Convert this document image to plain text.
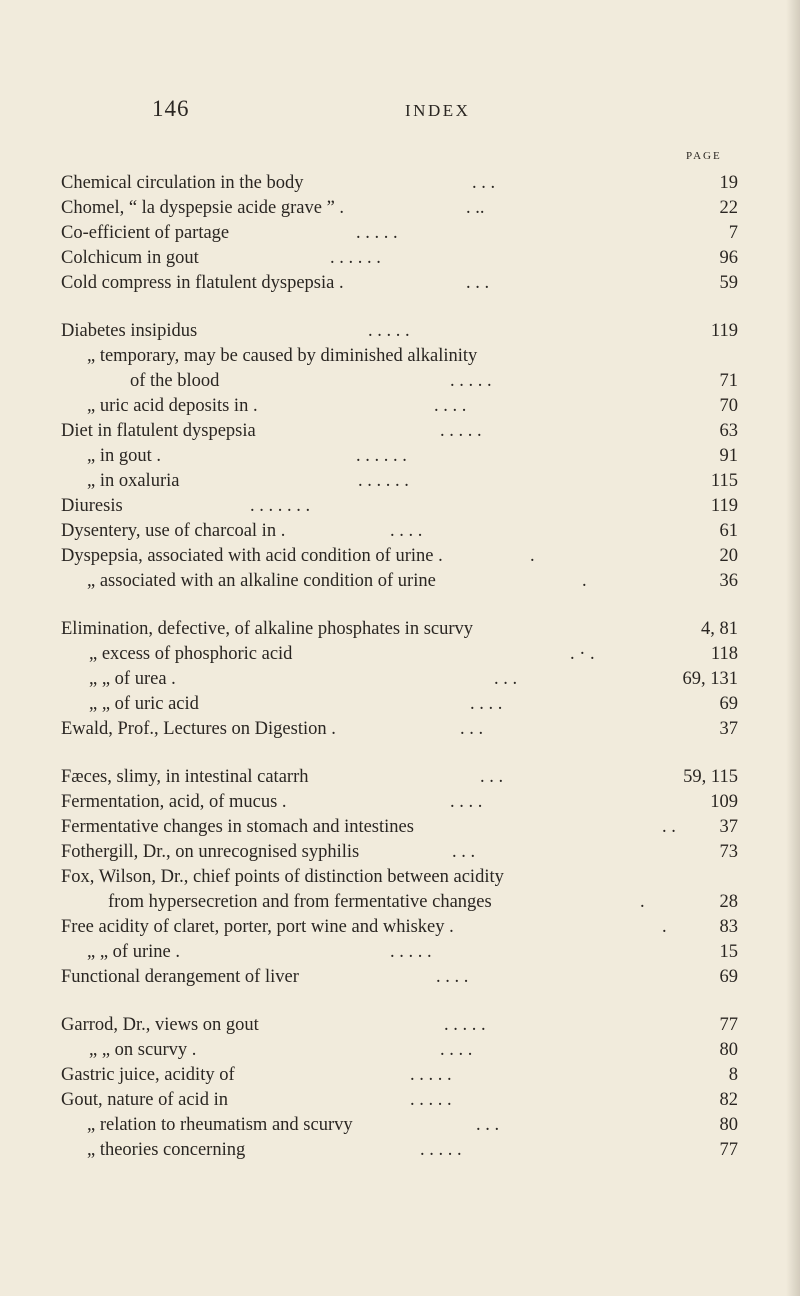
146	INDEX
PAGE
Chemical circulation in the body	. . .	19
Chomel, “ la dyspepsie acide grave ” .	. ..	22
Co-efficient of partage	. . . . .	7
Colchicum in gout	. . . . . .	96
Cold compress in flatulent dyspepsia .	. . .	59
Diabetes insipidus	. . . . .	119
„ temporary, may be caused by diminished alkalinity
of the blood	. . . . .	71
„ uric acid deposits in .	. . . .	70
Diet in flatulent dyspepsia	. . . . .	63
„ in gout .	. . . . . .	91
„ in oxaluria	. . . . . .	115
Diuresis	. . . . . . .	119
Dysentery, use of charcoal in .	. . . .	61
Dyspepsia, associated with acid condition of urine .	.	20
„ associated with an alkaline condition of urine	.	36
Elimination, defective, of alkaline phosphates in scurvy	4, 81
„ excess of phosphoric acid	. · .	118
„ „ of urea .	. . .	69, 131
„ „ of uric acid	. . . .	69
Ewald, Prof., Lectures on Digestion .	. . .	37
Fæces, slimy, in intestinal catarrh	. . .	59, 115
Fermentation, acid, of mucus .	. . . .	109
Fermentative changes in stomach and intestines	. . 37
Fothergill, Dr., on unrecognised syphilis	. . .	73
Fox, Wilson, Dr., chief points of distinction between acidity
from hypersecretion and from fermentative changes	.	28
Free acidity of claret, porter, port wine and whiskey .	.	83
„ „ of urine .	. . . . .	15
Functional derangement of liver	. . . .	69
Garrod, Dr., views on gout	. . . . .	77
„ „ on scurvy .	. . . .	80
Gastric juice, acidity of	. . . . .	8
Gout, nature of acid in	. . . . .	82
„ relation to rheumatism and scurvy	. . .	80
„ theories concerning	. . . . .	77
